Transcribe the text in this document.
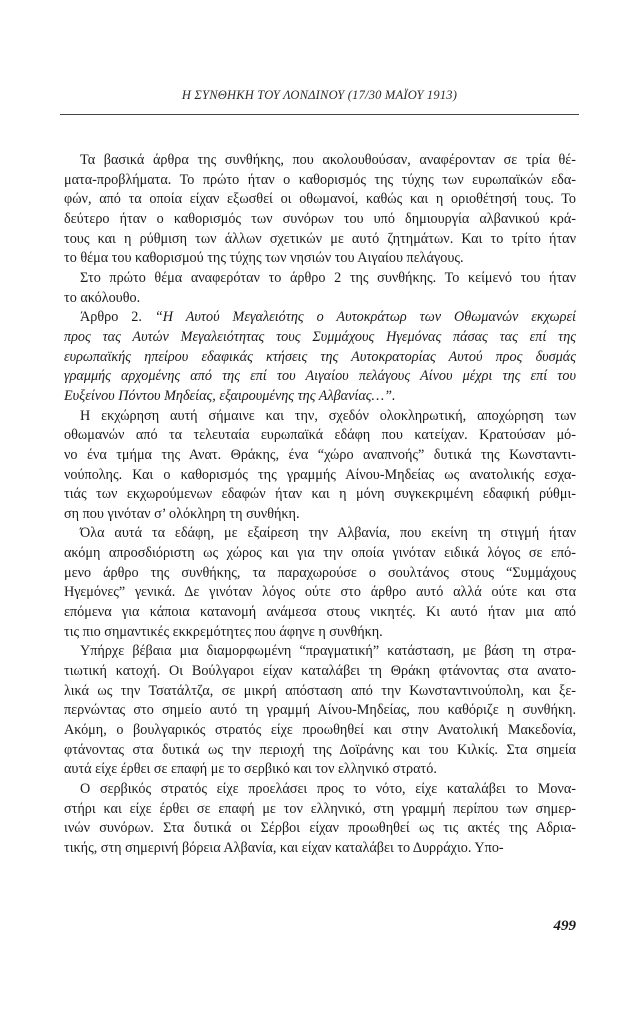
Η ΣΥΝΘΗΚΗ ΤΟΥ ΛΟΝΔΙΝΟΥ (17/30 ΜΑΪΟΥ 1913)

Τα βασικά άρθρα της συνθήκης, που ακολουθούσαν, αναφέρονταν σε τρία θέ-
ματα-προβλήματα. Το πρώτο ήταν ο καθορισμός της τύχης των ευρωπαϊκών εδα-
φών, από τα οποία είχαν εξωσθεί οι οθωμανοί, καθώς και η οριοθέτησή τους. Το
δεύτερο ήταν ο καθορισμός των συνόρων του υπό δημιουργία αλβανικού κρά-
τους και η ρύθμιση των άλλων σχετικών με αυτό ζητημάτων. Και το τρίτο ήταν
το θέμα του καθορισμού της τύχης των νησιών του Αιγαίου πελάγους.

Στο πρώτο θέμα αναφερόταν το άρθρο 2 της συνθήκης. Το κείμενό του ήταν
το ακόλουθο.

Άρθρο 2. “Η Αυτού Μεγαλειότης ο Αυτοκράτωρ των Οθωμανών εκχωρεί
προς τας Αυτών Μεγαλειότητας τους Συμμάχους Ηγεμόνας πάσας τας επί της
ευρωπαϊκής ηπείρου εδαφικάς κτήσεις της Αυτοκρατορίας Αυτού προς δυσμάς
γραμμής αρχομένης από της επί του Αιγαίου πελάγους Αίνου μέχρι της επί του
Ευξείνου Πόντου Μηδείας, εξαιρουμένης της Αλβανίας…”.

Η εκχώρηση αυτή σήμαινε και την, σχεδόν ολοκληρωτική, αποχώρηση των
οθωμανών από τα τελευταία ευρωπαϊκά εδάφη που κατείχαν. Κρατούσαν μό-
νο ένα τμήμα της Ανατ. Θράκης, ένα “χώρο αναπνοής” δυτικά της Κωνσταντι-
νούπολης. Και ο καθορισμός της γραμμής Αίνου-Μηδείας ως ανατολικής εσχα-
τιάς των εκχωρούμενων εδαφών ήταν και η μόνη συγκεκριμένη εδαφική ρύθμι-
ση που γινόταν σ’ ολόκληρη τη συνθήκη.

Όλα αυτά τα εδάφη, με εξαίρεση την Αλβανία, που εκείνη τη στιγμή ήταν
ακόμη απροσδιόριστη ως χώρος και για την οποία γινόταν ειδικά λόγος σε επό-
μενο άρθρο της συνθήκης, τα παραχωρούσε ο σουλτάνος στους “Συμμάχους
Ηγεμόνες” γενικά. Δε γινόταν λόγος ούτε στο άρθρο αυτό αλλά ούτε και στα
επόμενα για κάποια κατανομή ανάμεσα στους νικητές. Κι αυτό ήταν μια από
τις πιο σημαντικές εκκρεμότητες που άφηνε η συνθήκη.

Υπήρχε βέβαια μια διαμορφωμένη “πραγματική” κατάσταση, με βάση τη στρα-
τιωτική κατοχή. Οι Βούλγαροι είχαν καταλάβει τη Θράκη φτάνοντας στα ανατο-
λικά ως την Τσατάλτζα, σε μικρή απόσταση από την Κωνσταντινούπολη, και ξε-
περνώντας στο σημείο αυτό τη γραμμή Αίνου-Μηδείας, που καθόριζε η συνθήκη.
Ακόμη, ο βουλγαρικός στρατός είχε προωθηθεί και στην Ανατολική Μακεδονία,
φτάνοντας στα δυτικά ως την περιοχή της Δοϊράνης και του Κιλκίς. Στα σημεία
αυτά είχε έρθει σε επαφή με το σερβικό και τον ελληνικό στρατό.

Ο σερβικός στρατός είχε προελάσει προς το νότο, είχε καταλάβει το Μονα-
στήρι και είχε έρθει σε επαφή με τον ελληνικό, στη γραμμή περίπου των σημερ-
ινών συνόρων. Στα δυτικά οι Σέρβοι είχαν προωθηθεί ως τις ακτές της Αδρια-
τικής, στη σημερινή βόρεια Αλβανία, και είχαν καταλάβει το Δυρράχιο. Υπο-

499
